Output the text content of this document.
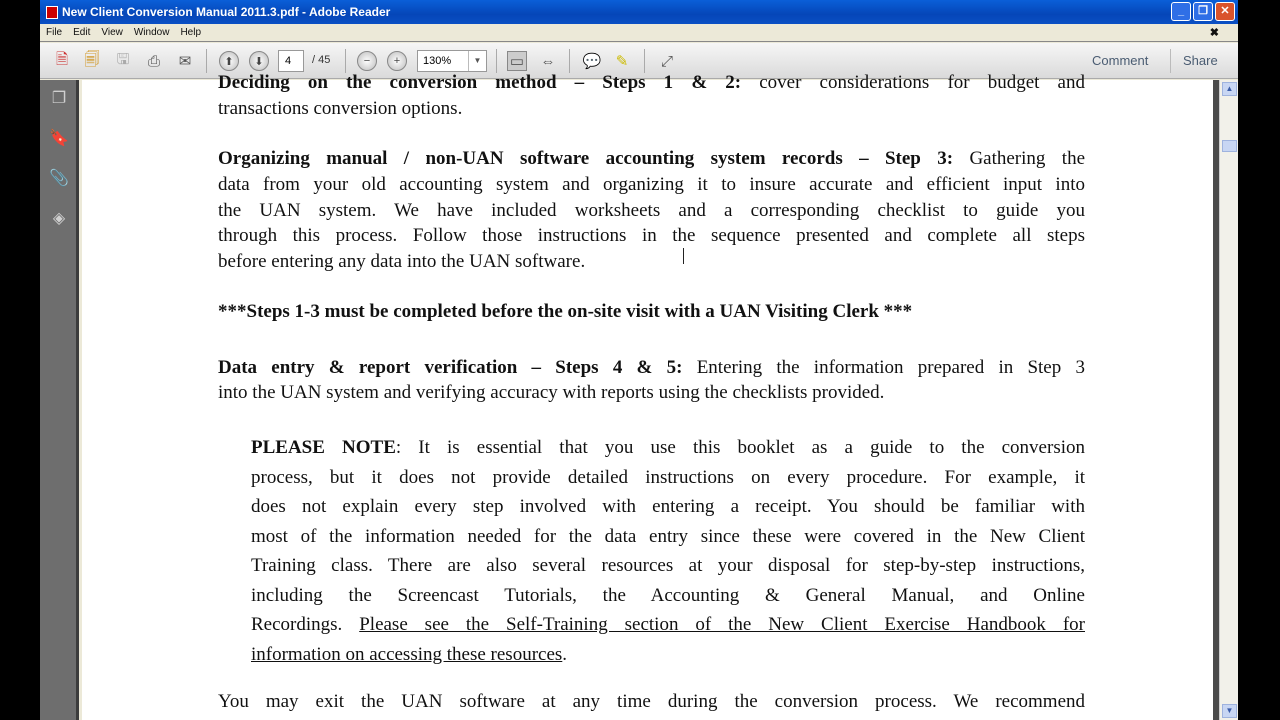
New Client Conversion Manual 2011.3.pdf - Adobe Reader	_	❐	✕
File Edit View Window Help	✖
🗎 🗐 🖫 ⎙ ✉	⬆	⬇	4	/ 45	−	+	130%	▼	▭ ⇔ 💬 ✎ ⤢	Comment	Share
❐
🔖
📎
◈
▲
▼
Deciding on the conversion method – Steps 1 & 2: cover considerations for budget and
transactions conversion options.
Organizing manual / non-UAN software accounting system records – Step 3: Gathering the
data from your old accounting system and organizing it to insure accurate and efficient input into
the UAN system. We have included worksheets and a corresponding checklist to guide you
through this process. Follow those instructions in the sequence presented and complete all steps
before entering any data into the UAN software.
***Steps 1-3 must be completed before the on-site visit with a UAN Visiting Clerk ***
Data entry & report verification – Steps 4 & 5: Entering the information prepared in Step 3
into the UAN system and verifying accuracy with reports using the checklists provided.
PLEASE NOTE: It is essential that you use this booklet as a guide to the conversion
process, but it does not provide detailed instructions on every procedure. For example, it
does not explain every step involved with entering a receipt. You should be familiar with
most of the information needed for the data entry since these were covered in the New Client
Training class. There are also several resources at your disposal for step-by-step instructions,
including the Screencast Tutorials, the Accounting & General Manual, and Online
Recordings. Please see the Self-Training section of the New Client Exercise Handbook for
information on accessing these resources.
You may exit the UAN software at any time during the conversion process. We recommend
